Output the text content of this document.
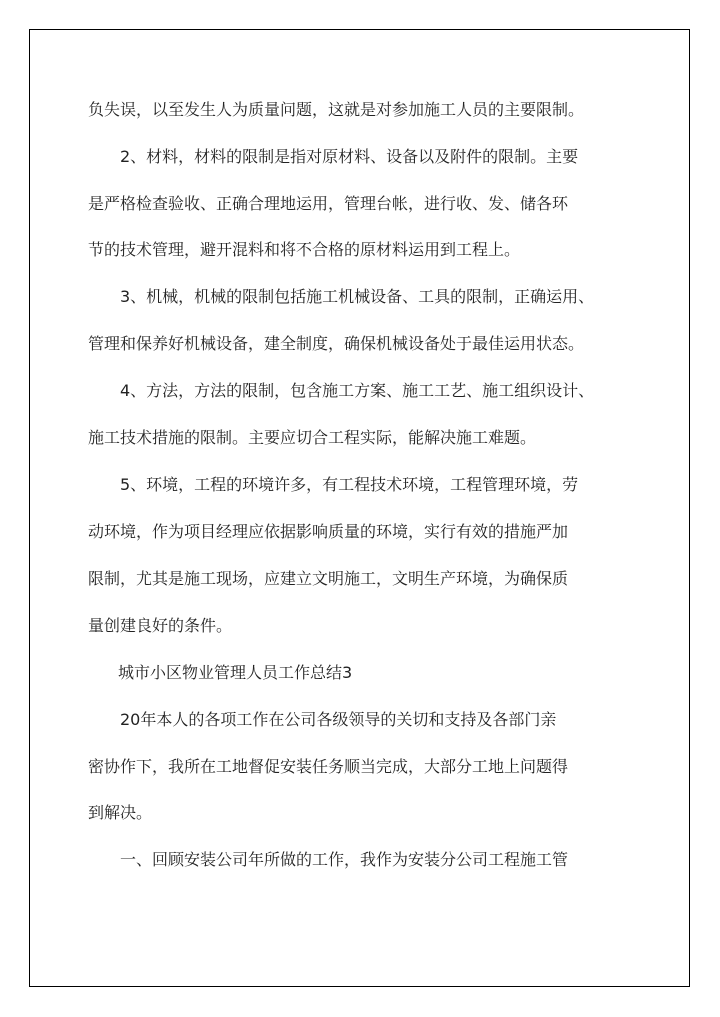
负失误，以至发生人为质量问题，这就是对参加施工人员的主要限制。
2、材料，材料的限制是指对原材料、设备以及附件的限制。主要
是严格检查验收、正确合理地运用，管理台帐，进行收、发、储各环
节的技术管理，避开混料和将不合格的原材料运用到工程上。
3、机械，机械的限制包括施工机械设备、工具的限制，正确运用、
管理和保养好机械设备，建全制度，确保机械设备处于最佳运用状态。
4、方法，方法的限制，包含施工方案、施工工艺、施工组织设计、
施工技术措施的限制。主要应切合工程实际，能解决施工难题。
5、环境，工程的环境许多，有工程技术环境，工程管理环境，劳
动环境，作为项目经理应依据影响质量的环境，实行有效的措施严加
限制，尤其是施工现场，应建立文明施工，文明生产环境，为确保质
量创建良好的条件。
城市小区物业管理人员工作总结3
20年本人的各项工作在公司各级领导的关切和支持及各部门亲
密协作下，我所在工地督促安装任务顺当完成，大部分工地上问题得
到解决。
一、回顾安装公司年所做的工作，我作为安装分公司工程施工管
